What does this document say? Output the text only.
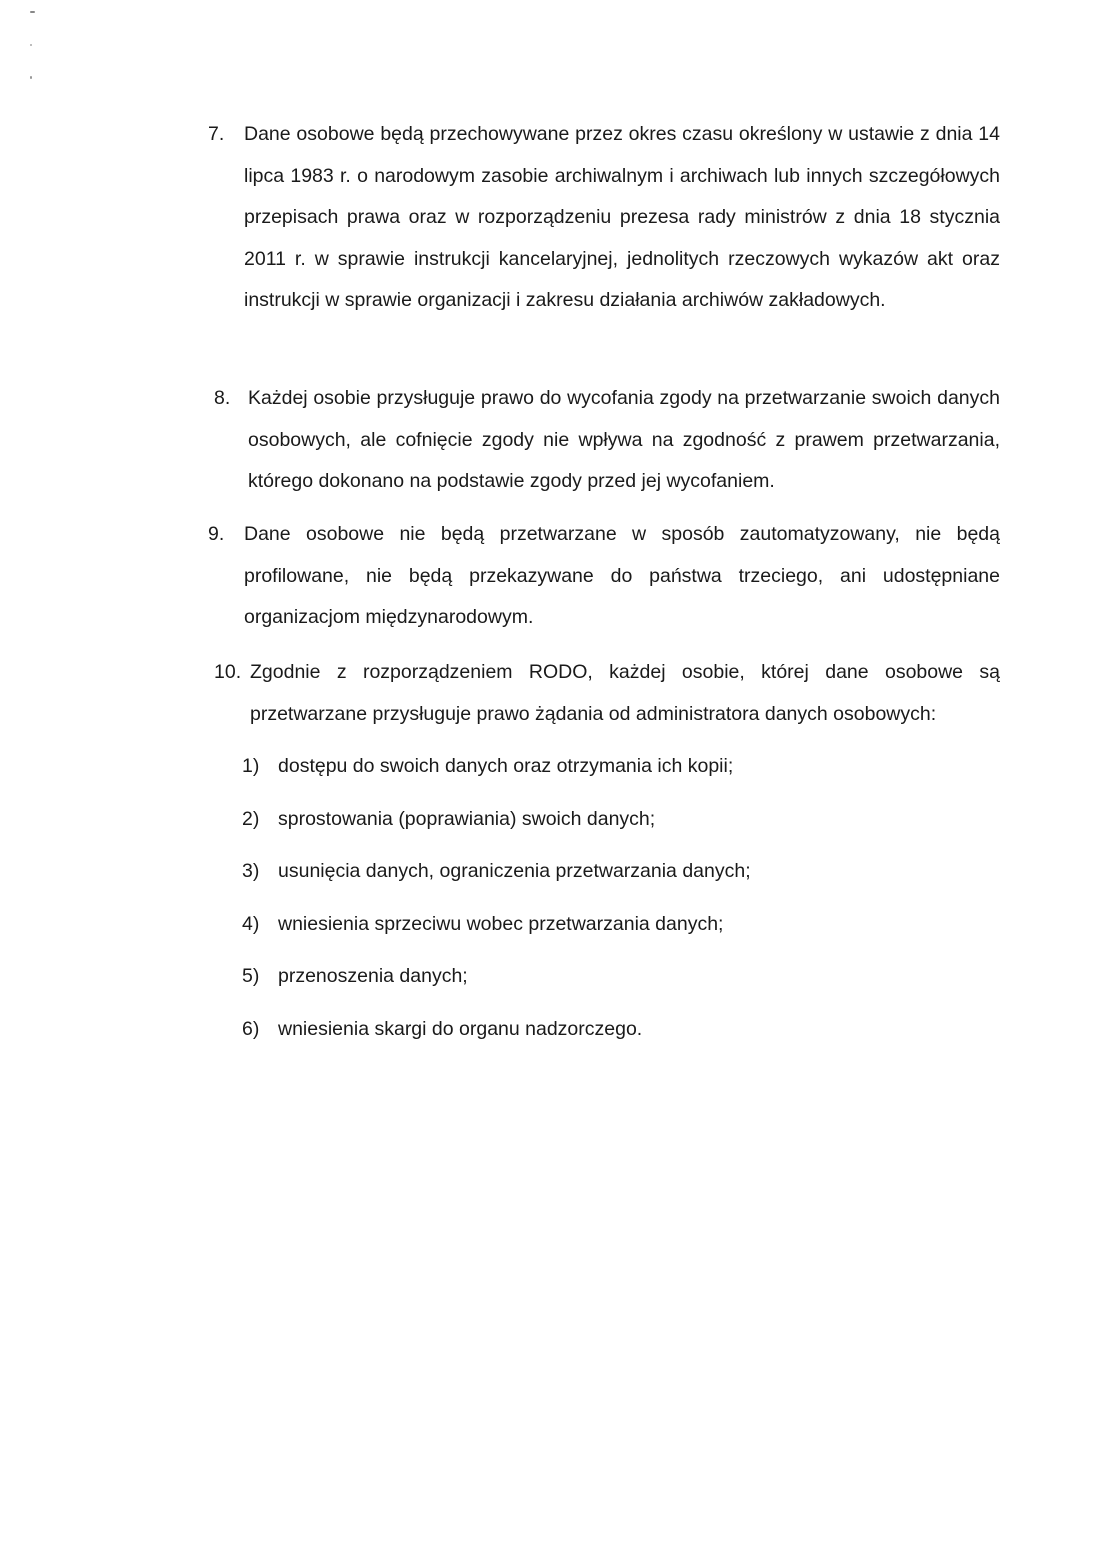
7. Dane osobowe będą przechowywane przez okres czasu określony w ustawie z dnia 14 lipca 1983 r. o narodowym zasobie archiwalnym i archiwach lub innych szczegółowych przepisach prawa oraz w rozporządzeniu prezesa rady ministrów z dnia 18 stycznia 2011 r. w sprawie instrukcji kancelaryjnej, jednolitych rzeczowych wykazów akt oraz instrukcji w sprawie organizacji i zakresu działania archiwów zakładowych.
8. Każdej osobie przysługuje prawo do wycofania zgody na przetwarzanie swoich danych osobowych, ale cofnięcie zgody nie wpływa na zgodność z prawem przetwarzania, którego dokonano na podstawie zgody przed jej wycofaniem.
9. Dane osobowe nie będą przetwarzane w sposób zautomatyzowany, nie będą profilowane, nie będą przekazywane do państwa trzeciego, ani udostępniane organizacjom międzynarodowym.
10. Zgodnie z rozporządzeniem RODO, każdej osobie, której dane osobowe są przetwarzane przysługuje prawo żądania od administratora danych osobowych:
1) dostępu do swoich danych oraz otrzymania ich kopii;
2) sprostowania (poprawiania) swoich danych;
3) usunięcia danych, ograniczenia przetwarzania danych;
4) wniesienia sprzeciwu wobec przetwarzania danych;
5) przenoszenia danych;
6) wniesienia skargi do organu nadzorczego.
